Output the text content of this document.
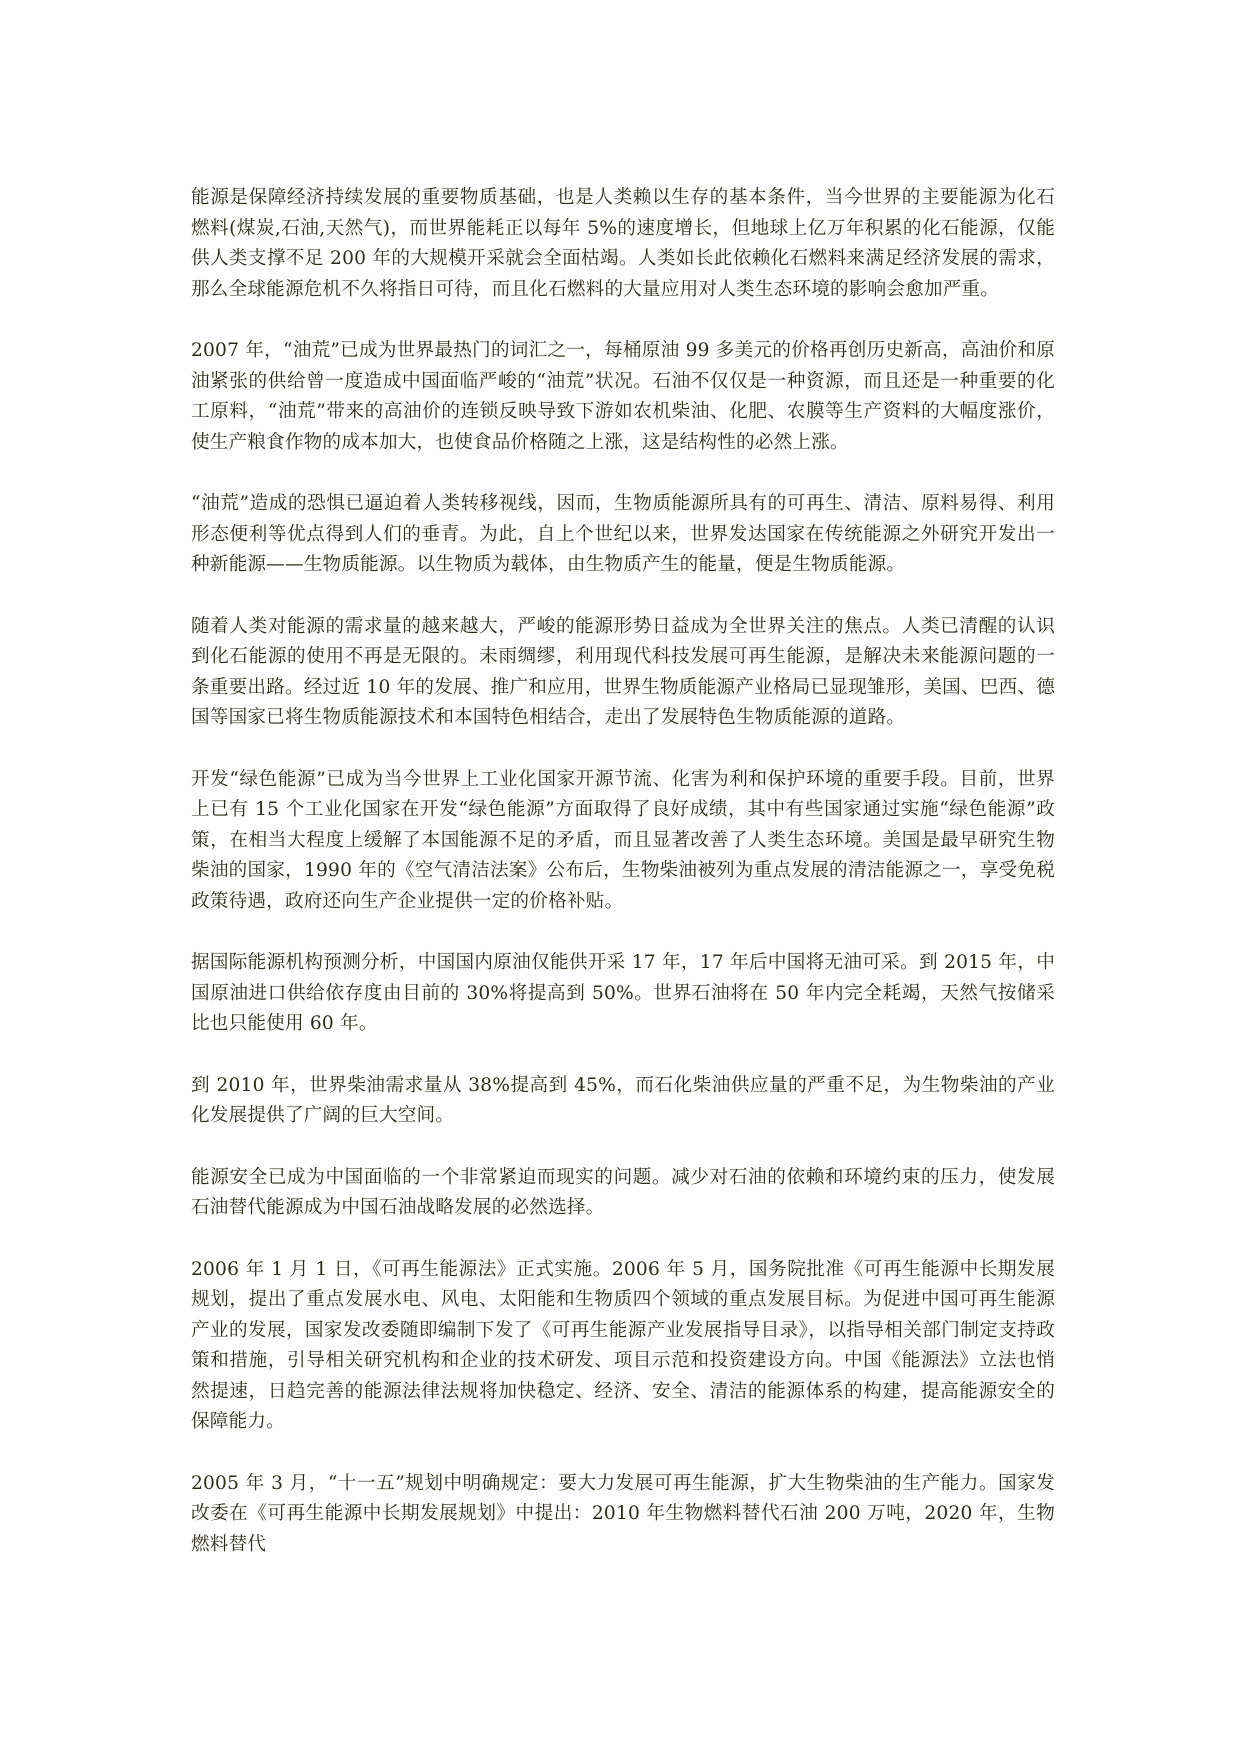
能源是保障经济持续发展的重要物质基础，也是人类赖以生存的基本条件，当今世界的主要能源为化石燃料(煤炭,石油,天然气)，而世界能耗正以每年 5%的速度增长，但地球上亿万年积累的化石能源，仅能供人类支撑不足 200 年的大规模开采就会全面枯竭。人类如长此依赖化石燃料来满足经济发展的需求，那么全球能源危机不久将指日可待，而且化石燃料的大量应用对人类生态环境的影响会愈加严重。

2007 年，“油荒”已成为世界最热门的词汇之一，每桶原油 99 多美元的价格再创历史新高，高油价和原油紧张的供给曾一度造成中国面临严峻的“油荒”状况。石油不仅仅是一种资源，而且还是一种重要的化工原料，“油荒”带来的高油价的连锁反映导致下游如农机柴油、化肥、农膜等生产资料的大幅度涨价，使生产粮食作物的成本加大，也使食品价格随之上涨，这是结构性的必然上涨。

“油荒”造成的恐惧已逼迫着人类转移视线，因而，生物质能源所具有的可再生、清洁、原料易得、利用形态便利等优点得到人们的垂青。为此，自上个世纪以来，世界发达国家在传统能源之外研究开发出一种新能源——生物质能源。以生物质为载体，由生物质产生的能量，便是生物质能源。

随着人类对能源的需求量的越来越大，严峻的能源形势日益成为全世界关注的焦点。人类已清醒的认识到化石能源的使用不再是无限的。未雨绸缪，利用现代科技发展可再生能源，是解决未来能源问题的一条重要出路。经过近 10 年的发展、推广和应用，世界生物质能源产业格局已显现雏形，美国、巴西、德国等国家已将生物质能源技术和本国特色相结合，走出了发展特色生物质能源的道路。

开发“绿色能源”已成为当今世界上工业化国家开源节流、化害为利和保护环境的重要手段。目前，世界上已有 15 个工业化国家在开发“绿色能源”方面取得了良好成绩，其中有些国家通过实施“绿色能源”政策，在相当大程度上缓解了本国能源不足的矛盾，而且显著改善了人类生态环境。美国是最早研究生物柴油的国家，1990 年的《空气清洁法案》公布后，生物柴油被列为重点发展的清洁能源之一，享受免税政策待遇，政府还向生产企业提供一定的价格补贴。

据国际能源机构预测分析，中国国内原油仅能供开采 17 年，17 年后中国将无油可采。到 2015 年，中国原油进口供给依存度由目前的 30%将提高到 50%。世界石油将在 50 年内完全耗竭，天然气按储采比也只能使用 60 年。

到 2010 年，世界柴油需求量从 38%提高到 45%，而石化柴油供应量的严重不足，为生物柴油的产业化发展提供了广阔的巨大空间。

能源安全已成为中国面临的一个非常紧迫而现实的问题。减少对石油的依赖和环境约束的压力，使发展石油替代能源成为中国石油战略发展的必然选择。

2006 年 1 月 1 日，《可再生能源法》正式实施。2006 年 5 月，国务院批准《可再生能源中长期发展规划，提出了重点发展水电、风电、太阳能和生物质四个领域的重点发展目标。为促进中国可再生能源产业的发展，国家发改委随即编制下发了《可再生能源产业发展指导目录》，以指导相关部门制定支持政策和措施，引导相关研究机构和企业的技术研发、项目示范和投资建设方向。中国《能源法》立法也悄然提速，日趋完善的能源法律法规将加快稳定、经济、安全、清洁的能源体系的构建，提高能源安全的保障能力。

2005 年 3 月，“十一五”规划中明确规定：要大力发展可再生能源，扩大生物柴油的生产能力。国家发改委在《可再生能源中长期发展规划》中提出：2010 年生物燃料替代石油 200 万吨，2020 年，生物燃料替代
